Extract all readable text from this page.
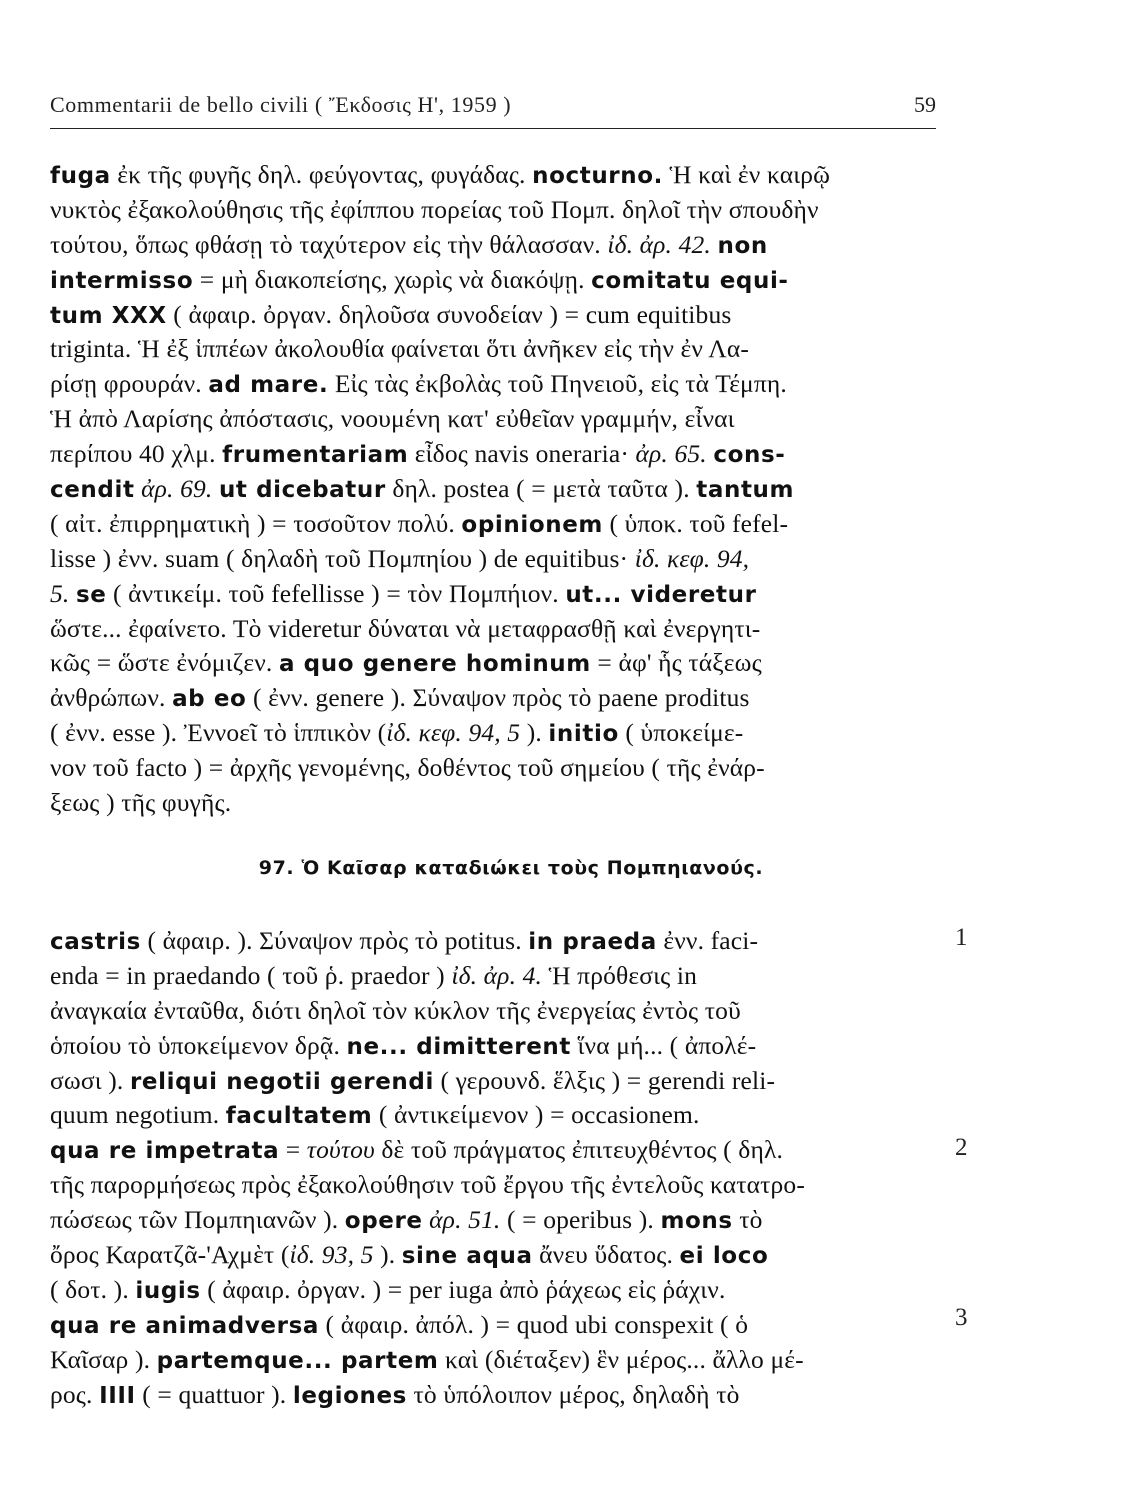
Commentarii de bello civili ( Ἔκδοσις Η', 1959 )	59
fuga ἐκ τῆς φυγῆς δηλ. φεύγοντας, φυγάδας. nocturno. Ἡ καὶ ἐν καιρῷ
νυκτὸς ἐξακολούθησις τῆς ἐφίππου πορείας τοῦ Πομπ. δηλοῖ τὴν σπουδὴν
τούτου, ὅπως φθάσῃ τὸ ταχύτερον εἰς τὴν θάλασσαν. ἰδ. ἀρ. 42. non
intermisso = μὴ διακοπείσης, χωρὶς νὰ διακόψῃ. comitatu equi-
tum XXX ( ἀφαιρ. ὀργαν. δηλοῦσα συνοδείαν ) = cum equitibus
triginta. Ἡ ἐξ ἱππέων ἀκολουθία φαίνεται ὅτι ἀνῆκεν εἰς τὴν ἐν Λα-
ρίσῃ φρουράν. ad mare. Εἰς τὰς ἐκβολὰς τοῦ Πηνειοῦ, εἰς τὰ Τέμπη.
Ἡ ἀπὸ Λαρίσης ἀπόστασις, νοουμένη κατ' εὐθεῖαν γραμμήν, εἶναι
περίπου 40 χλμ. frumentariam εἶδος navis oneraria· ἀρ. 65. cons-
cendit ἀρ. 69. ut dicebatur δηλ. postea ( = μετὰ ταῦτα ). tantum
( αἰτ. ἐπιρρηματικὴ ) = τοσοῦτον πολύ. opinionem ( ὑποκ. τοῦ fefel-
lisse ) ἐνν. suam ( δηλαδὴ τοῦ Πομπηίου ) de equitibus· ἰδ. κεφ. 94,
5. se ( ἀντικείμ. τοῦ fefellisse ) = τὸν Πομπήιον. ut... videretur
ὥστε... ἐφαίνετο. Τὸ videretur δύναται νὰ μεταφρασθῇ καὶ ἐνεργητι-
κῶς = ὥστε ἐνόμιζεν. a quo genere hominum = ἀφ' ἧς τάξεως
ἀνθρώπων. ab eo ( ἐνν. genere ). Σύναψον πρὸς τὸ paene proditus
( ἐνν. esse ). Ἐννοεῖ τὸ ἱππικὸν (ἰδ. κεφ. 94, 5 ). initio ( ὑποκείμε-
νον τοῦ facto ) = ἀρχῆς γενομένης, δοθέντος τοῦ σημείου ( τῆς ἐνάρ-
ξεως ) τῆς φυγῆς.
97. Ὁ Καῖσαρ καταδιώκει τοὺς Πομπηιανούς.
castris ( ἀφαιρ. ). Σύναψον πρὸς τὸ potitus. in praeda ἐνν. faci-
enda = in praedando ( τοῦ ῥ. praedor ) ἰδ. ἀρ. 4. Ἡ πρόθεσις in
ἀναγκαία ἐνταῦθα, διότι δηλοῖ τὸν κύκλον τῆς ἐνεργείας ἐντὸς τοῦ
ὁποίου τὸ ὑποκείμενον δρᾷ. ne... dimitterent ἵνα μή... ( ἀπολέ-
σωσι ). reliqui negotii gerendi ( γερουνδ. ἕλξις ) = gerendi reli-
quum negotium. facultatem ( ἀντικείμενον ) = occasionem.
qua re impetrata = τούτου δὲ τοῦ πράγματος ἐπιτευχθέντος ( δηλ.
τῆς παρορμήσεως πρὸς ἐξακολούθησιν τοῦ ἔργου τῆς ἐντελοῦς κατατρο-
πώσεως τῶν Πομπηιανῶν ). opere ἀρ. 51. ( = operibus ). mons τὸ
ὄρος Καρατζᾶ-'Αχμὲτ (ἰδ. 93, 5 ). sine aqua ἄνευ ὕδατος. ei loco
( δοτ. ). iugis ( ἀφαιρ. ὀργαν. ) = per iuga ἀπὸ ῥάχεως εἰς ῥάχιν.
qua re animadversa ( ἀφαιρ. ἀπόλ. ) = quod ubi conspexit ( ὁ
Καῖσαρ ). partemque... partem καὶ (διέταξεν) ἓν μέρος... ἄλλο μέ-
ρος. IIII ( = quattuor ). legiones τὸ ὑπόλοιπον μέρος, δηλαδὴ τὸ
1
2
3
